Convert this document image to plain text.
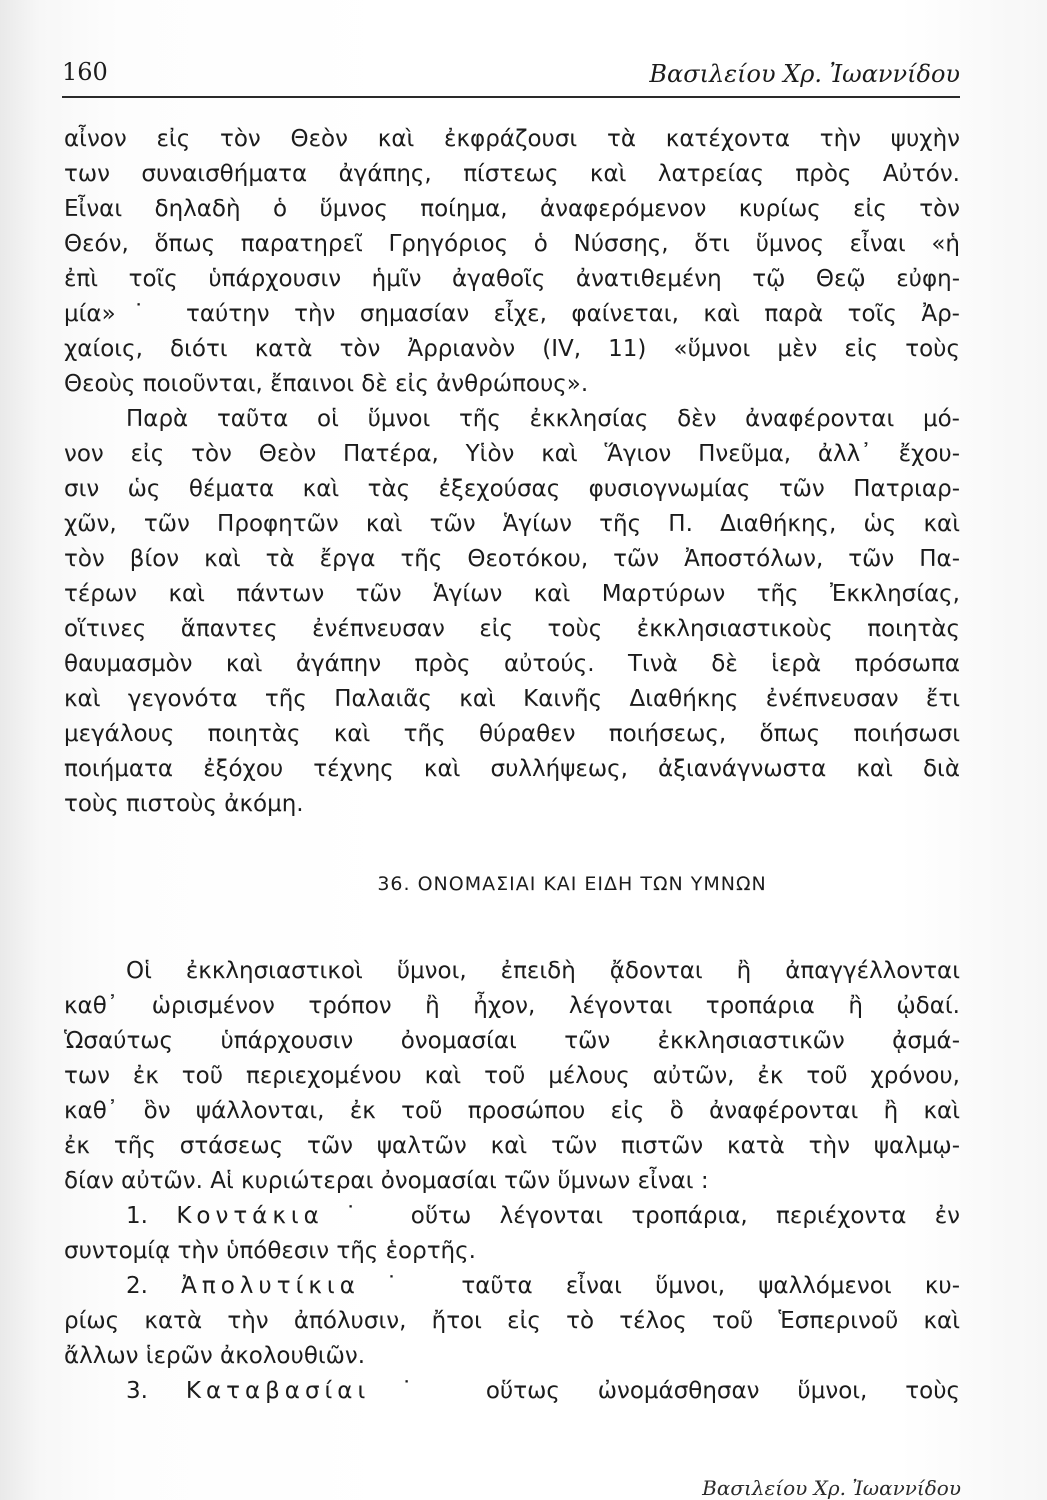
160	Βασιλείου Χρ. Ἰωαννίδου
αἶνον εἰς τὸν Θεὸν καὶ ἐκφράζουσι τὰ κατέχοντα τὴν ψυχὴν
των συναισθήματα ἀγάπης, πίστεως καὶ λατρείας πρὸς Αὐτόν.
Εἶναι δηλαδὴ ὁ ὕμνος ποίημα, ἀναφερόμενον κυρίως εἰς τὸν
Θεόν, ὅπως παρατηρεῖ Γρηγόριος ὁ Νύσσης, ὅτι ὕμνος εἶναι «ἡ
ἐπὶ τοῖς ὑπάρχουσιν ἡμῖν ἀγαθοῖς ἀνατιθεμένη τῷ Θεῷ εὐφη-
μία»˙ ταύτην τὴν σημασίαν εἶχε, φαίνεται, καὶ παρὰ τοῖς Ἀρ-
χαίοις, διότι κατὰ τὸν Ἀρριανὸν (IV, 11) «ὕμνοι μὲν εἰς τοὺς
Θεοὺς ποιοῦνται, ἔπαινοι δὲ εἰς ἀνθρώπους».
Παρὰ ταῦτα οἱ ὕμνοι τῆς ἐκκλησίας δὲν ἀναφέρονται μό-
νον εἰς τὸν Θεὸν Πατέρα, Υἱὸν καὶ Ἅγιον Πνεῦμα, ἀλλ᾽ ἔχου-
σιν ὡς θέματα καὶ τὰς ἐξεχούσας φυσιογνωμίας τῶν Πατριαρ-
χῶν, τῶν Προφητῶν καὶ τῶν Ἁγίων τῆς Π. Διαθήκης, ὡς καὶ
τὸν βίον καὶ τὰ ἔργα τῆς Θεοτόκου, τῶν Ἀποστόλων, τῶν Πα-
τέρων καὶ πάντων τῶν Ἁγίων καὶ Μαρτύρων τῆς Ἐκκλησίας,
οἵτινες ἅπαντες ἐνέπνευσαν εἰς τοὺς ἐκκλησιαστικοὺς ποιητὰς
θαυμασμὸν καὶ ἀγάπην πρὸς αὐτούς. Τινὰ δὲ ἱερὰ πρόσωπα
καὶ γεγονότα τῆς Παλαιᾶς καὶ Καινῆς Διαθήκης ἐνέπνευσαν ἔτι
μεγάλους ποιητὰς καὶ τῆς θύραθεν ποιήσεως, ὅπως ποιήσωσι
ποιήματα ἐξόχου τέχνης καὶ συλλήψεως, ἀξιανάγνωστα καὶ διὰ
τοὺς πιστοὺς ἀκόμη.
36. ΟΝΟΜΑΣΙΑΙ ΚΑΙ ΕΙΔΗ ΤΩΝ ΥΜΝΩΝ
Οἱ ἐκκλησιαστικοὶ ὕμνοι, ἐπειδὴ ᾄδονται ἢ ἀπαγγέλλονται
καθ᾽ ὡρισμένον τρόπον ἢ ἦχον, λέγονται τροπάρια ἢ ᾠδαί.
Ὡσαύτως ὑπάρχουσιν ὀνομασίαι τῶν ἐκκλησιαστικῶν ᾀσμά-
των ἐκ τοῦ περιεχομένου καὶ τοῦ μέλους αὐτῶν, ἐκ τοῦ χρόνου,
καθ᾽ ὃν ψάλλονται, ἐκ τοῦ προσώπου εἰς ὃ ἀναφέρονται ἢ καὶ
ἐκ τῆς στάσεως τῶν ψαλτῶν καὶ τῶν πιστῶν κατὰ τὴν ψαλμῳ-
δίαν αὐτῶν. Αἱ κυριώτεραι ὀνομασίαι τῶν ὕμνων εἶναι :
1. Κοντάκια˙ οὕτω λέγονται τροπάρια, περιέχοντα ἐν
συντομίᾳ τὴν ὑπόθεσιν τῆς ἑορτῆς.
2. Ἀπολυτίκια˙ ταῦτα εἶναι ὕμνοι, ψαλλόμενοι κυ-
ρίως κατὰ τὴν ἀπόλυσιν, ἤτοι εἰς τὸ τέλος τοῦ Ἑσπερινοῦ καὶ
ἄλλων ἱερῶν ἀκολουθιῶν.
3. Καταβασίαι˙ οὕτως ὠνομάσθησαν ὕμνοι, τοὺς
Βασιλείου Χρ. Ἰωαννίδου
